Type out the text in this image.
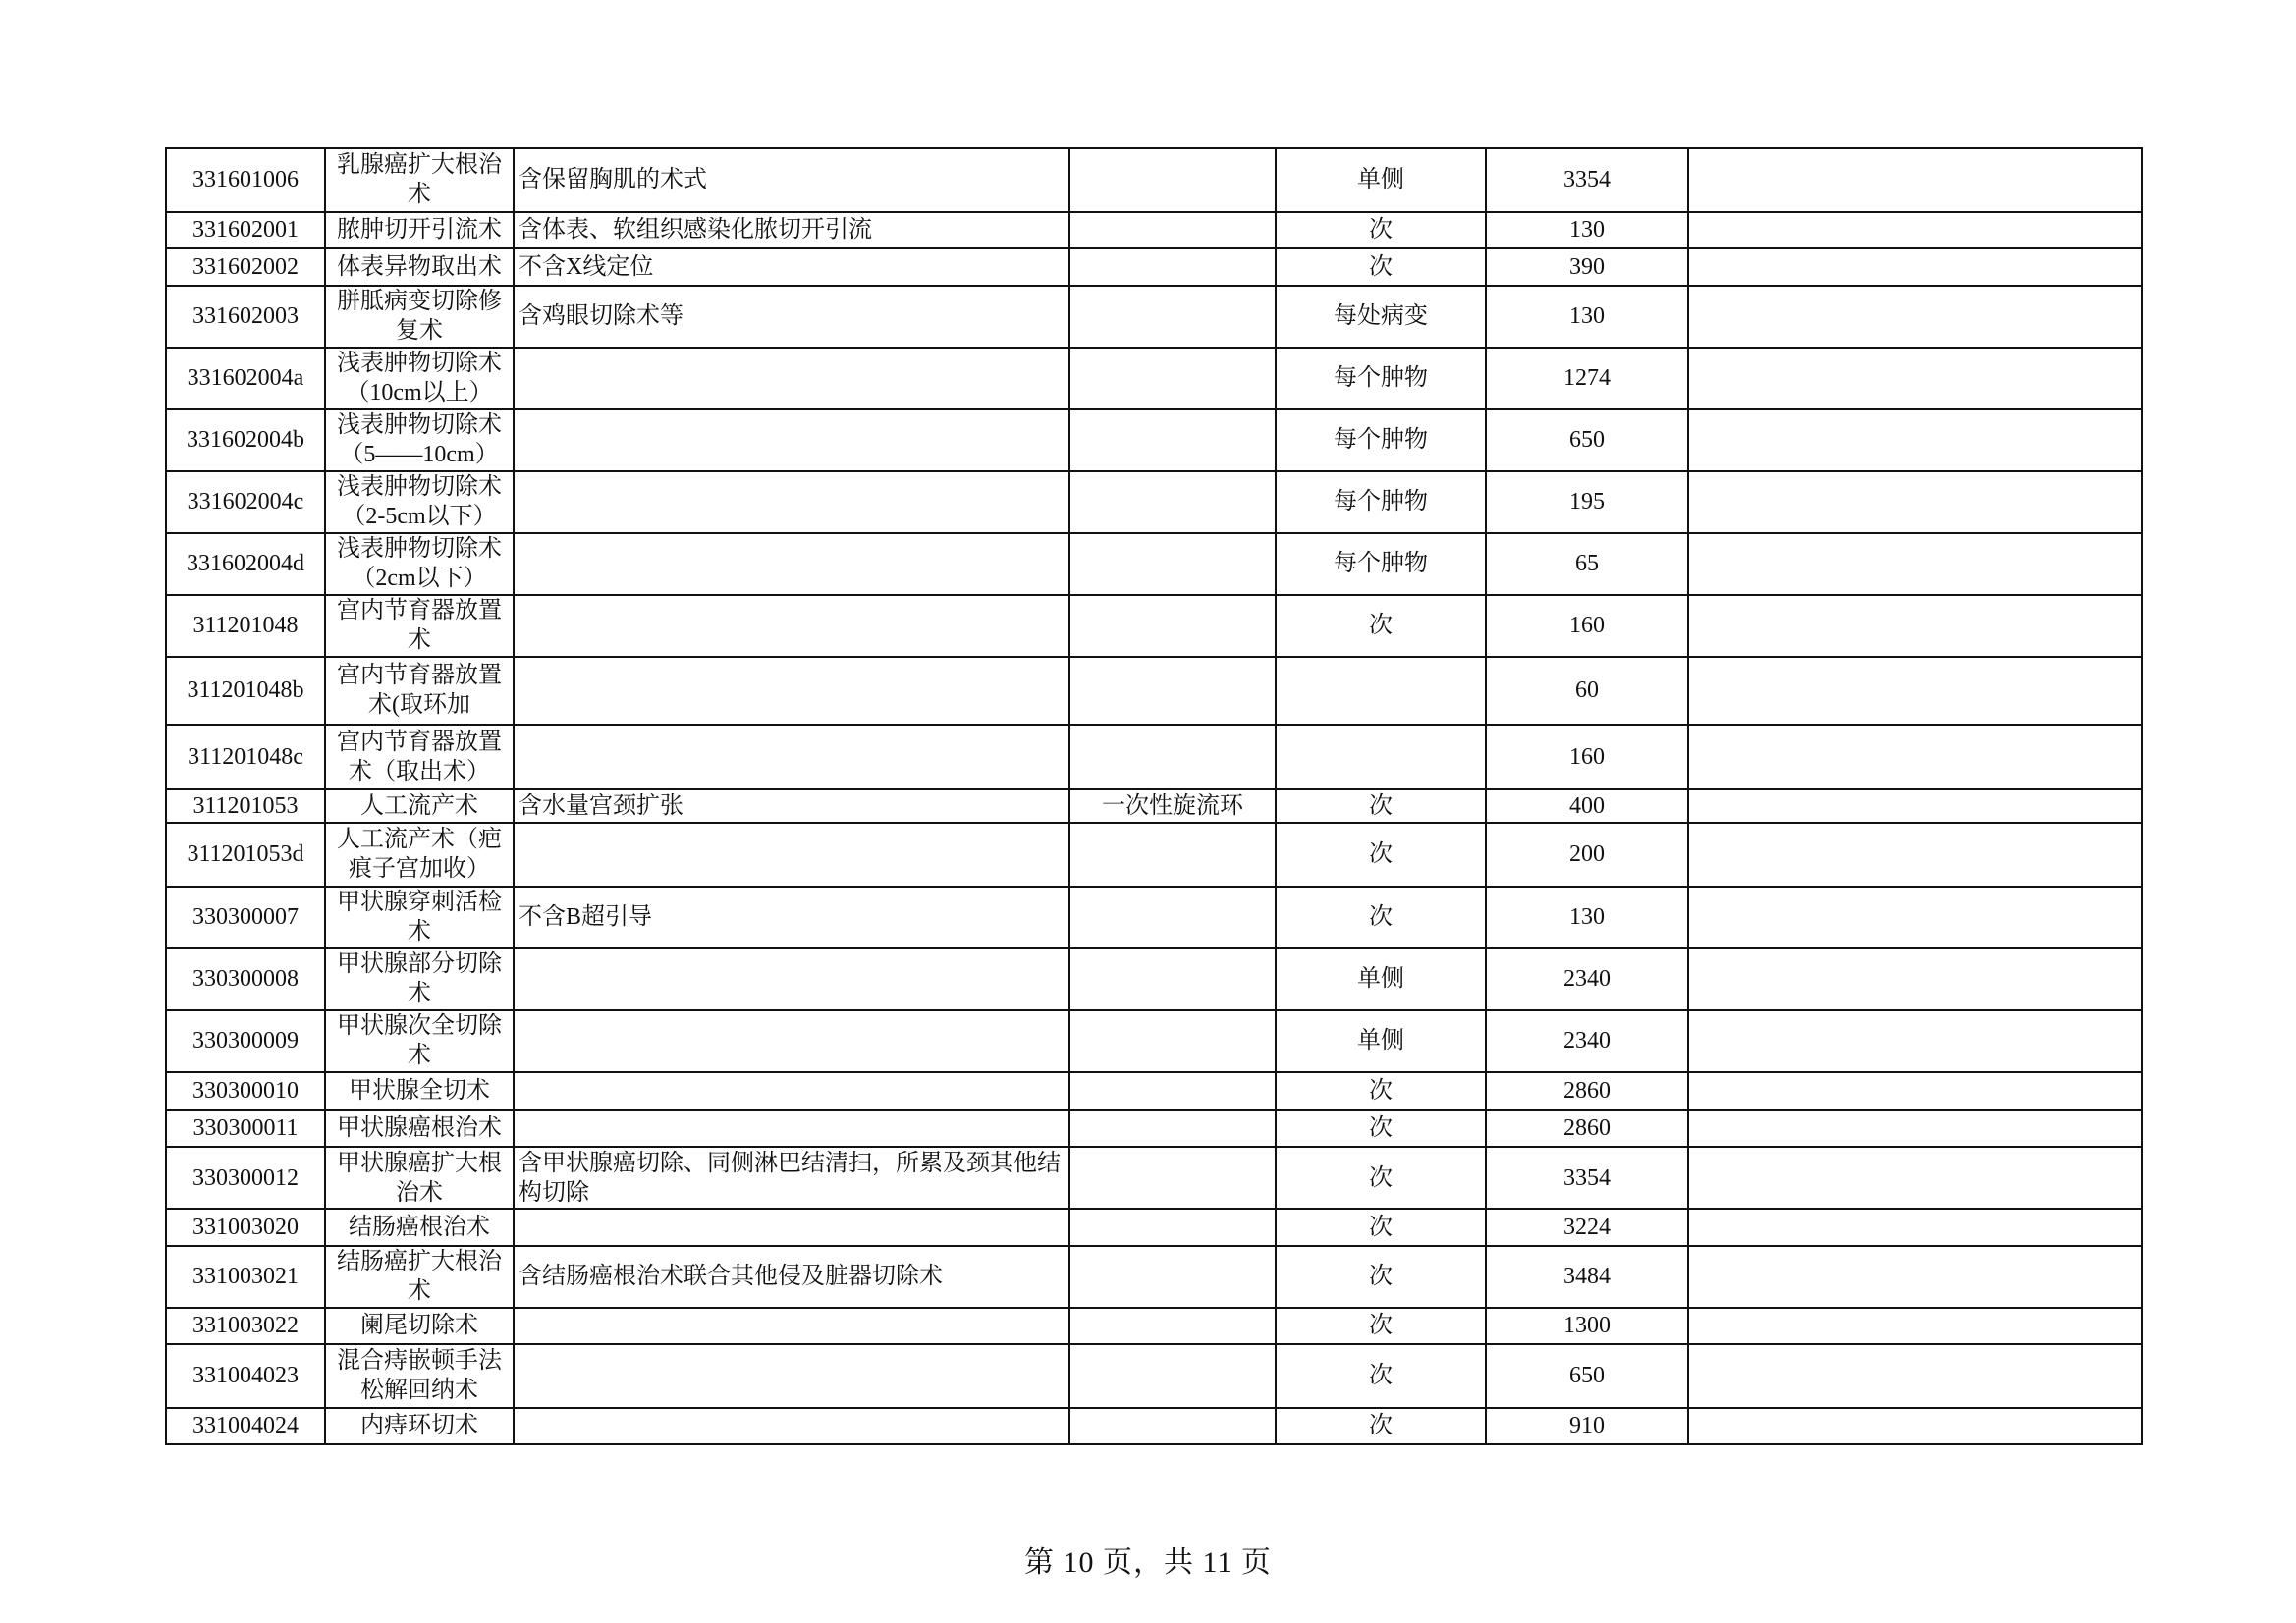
331601006	乳腺癌扩大根治术	含保留胸肌的术式		单侧	3354	
331602001	脓肿切开引流术	含体表、软组织感染化脓切开引流		次	130	
331602002	体表异物取出术	不含X线定位		次	390	
331602003	胼胝病变切除修复术	含鸡眼切除术等		每处病变	130	
331602004a	浅表肿物切除术（10cm以上）			每个肿物	1274	
331602004b	浅表肿物切除术（5——10cm）			每个肿物	650	
331602004c	浅表肿物切除术（2-5cm以下）			每个肿物	195	
331602004d	浅表肿物切除术（2cm以下）			每个肿物	65	
311201048	宫内节育器放置术			次	160	
311201048b	宫内节育器放置术(取环加				60	
311201048c	宫内节育器放置术（取出术）				160	
311201053	人工流产术	含水量宫颈扩张	一次性旋流环	次	400	
311201053d	人工流产术（疤痕子宫加收）			次	200	
330300007	甲状腺穿刺活检术	不含B超引导		次	130	
330300008	甲状腺部分切除术			单侧	2340	
330300009	甲状腺次全切除术			单侧	2340	
330300010	甲状腺全切术			次	2860	
330300011	甲状腺癌根治术			次	2860	
330300012	甲状腺癌扩大根治术	含甲状腺癌切除、同侧淋巴结清扫，所累及颈其他结构切除		次	3354	
331003020	结肠癌根治术			次	3224	
331003021	结肠癌扩大根治术	含结肠癌根治术联合其他侵及脏器切除术		次	3484	
331003022	阑尾切除术			次	1300	
331004023	混合痔嵌顿手法松解回纳术			次	650	
331004024	内痔环切术			次	910	
第 10 页，共 11 页
